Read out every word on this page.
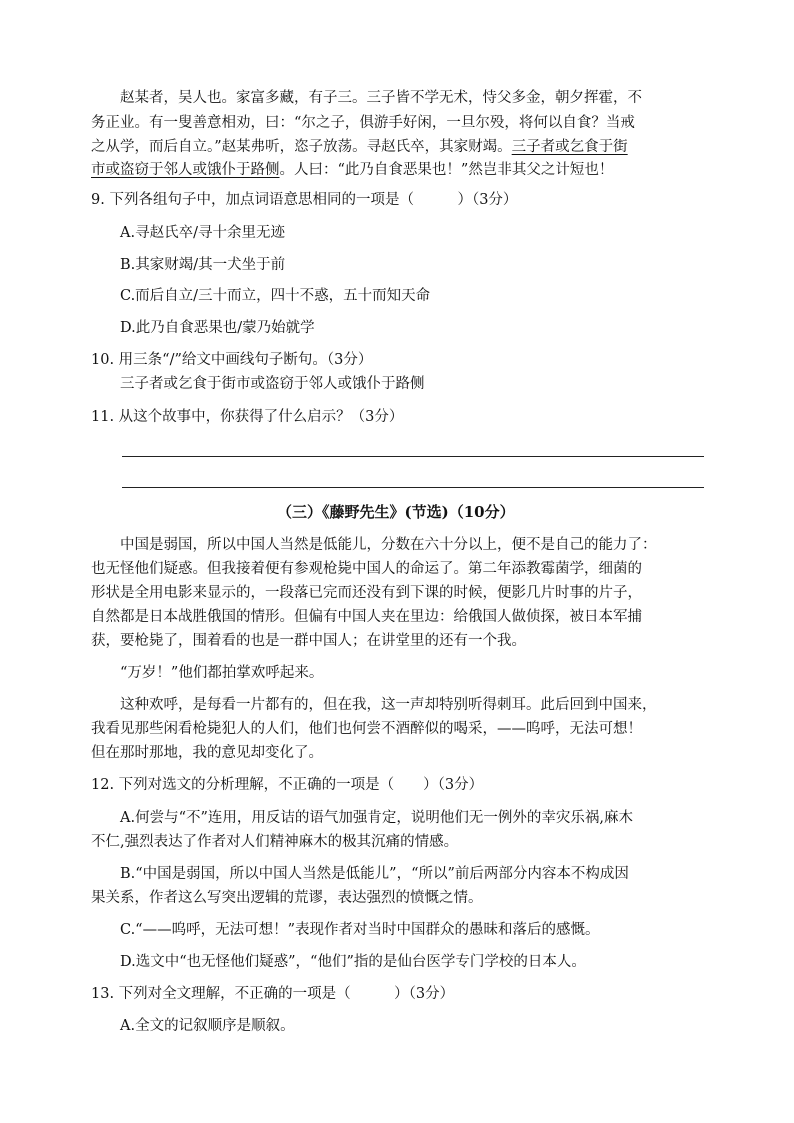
赵某者，吴人也。家富多藏，有子三。三子皆不学无术，恃父多金，朝夕挥霍，不
务正业。有一叟善意相劝，曰：“尔之子，俱游手好闲，一旦尔殁，将何以自食？当戒
之从学，而后自立。”赵某弗听，恣子放荡。寻赵氏卒，其家财竭。三子者或乞食于街
市或盗窃于邻人或饿仆于路侧。人曰：“此乃自食恶果也！”然岂非其父之计短也！
9. 下列各组句子中，加点词语意思相同的一项是（　　　）（3分）
A.寻赵氏卒/寻十余里无迹
B.其家财竭/其一犬坐于前
C.而后自立/三十而立，四十不惑，五十而知天命
D.此乃自食恶果也/蒙乃始就学
10. 用三条“/”给文中画线句子断句。（3分）
三子者或乞食于街市或盗窃于邻人或饿仆于路侧
11. 从这个故事中，你获得了什么启示？（3分）
（三）《藤野先生》(节选)（10分）
中国是弱国，所以中国人当然是低能儿，分数在六十分以上，便不是自己的能力了：
也无怪他们疑惑。但我接着便有参观枪毙中国人的命运了。第二年添教霉菌学，细菌的
形状是全用电影来显示的，一段落已完而还没有到下课的时候，便影几片时事的片子，
自然都是日本战胜俄国的情形。但偏有中国人夹在里边：给俄国人做侦探，被日本军捕
获，要枪毙了，围着看的也是一群中国人；在讲堂里的还有一个我。
“万岁！”他们都拍掌欢呼起来。
这种欢呼，是每看一片都有的，但在我，这一声却特别听得刺耳。此后回到中国来，
我看见那些闲看枪毙犯人的人们，他们也何尝不酒醉似的喝采，——呜呼，无法可想！
但在那时那地，我的意见却变化了。
12. 下列对选文的分析理解，不正确的一项是（　　）（3分）
A.何尝与“不”连用，用反诘的语气加强肯定，说明他们无一例外的幸灾乐祸,麻木
不仁,强烈表达了作者对人们精神麻木的极其沉痛的情感。
B.“中国是弱国，所以中国人当然是低能儿”，“所以”前后两部分内容本不构成因
果关系，作者这么写突出逻辑的荒谬，表达强烈的愤慨之情。
C.“——呜呼，无法可想！”表现作者对当时中国群众的愚昧和落后的感慨。
D.选文中“也无怪他们疑惑”，“他们”指的是仙台医学专门学校的日本人。
13. 下列对全文理解，不正确的一项是（　　　）（3分）
A.全文的记叙顺序是顺叙。
